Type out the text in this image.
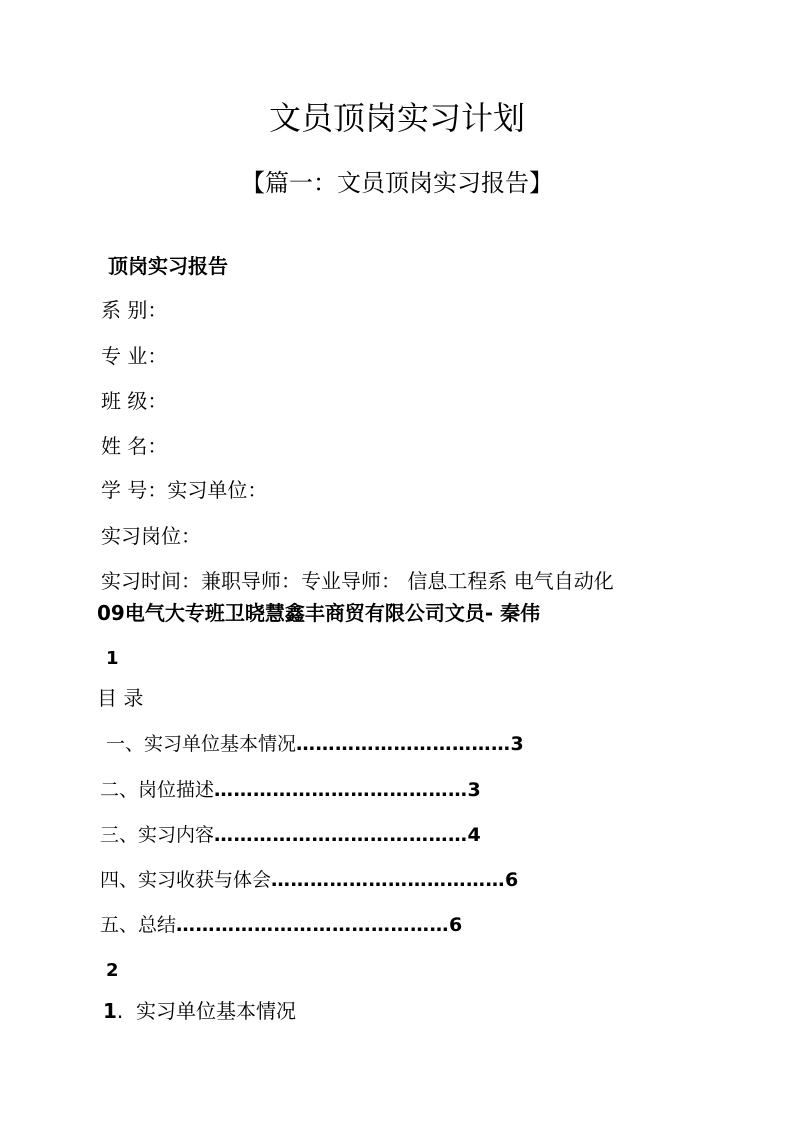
文员顶岗实习计划
【篇一：文员顶岗实习报告】
顶岗实习报告
系 别：
专 业：
班 级：
姓 名：
学 号：实习单位：
实习岗位：
实习时间：兼职导师：专业导师： 信息工程系 电气自动化
09电气大专班卫晓慧鑫丰商贸有限公司文员- 秦伟
1
目 录
一、实习单位基本情况……………………………3
二、岗位描述…………………………………3
三、实习内容…………………………………4
四、实习收获与体会………………………………6
五、总结……………………………………6
2
1.  实习单位基本情况
